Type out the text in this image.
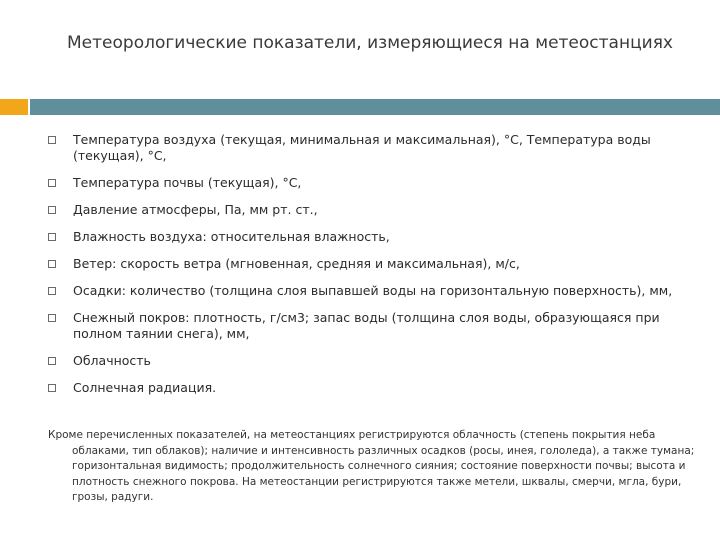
Метеорологические показатели, измеряющиеся на метеостанциях
Температура воздуха (текущая, минимальная и максимальная), °С, Температура воды (текущая), °С,
Температура почвы (текущая), °С,
Давление атмосферы, Па, мм рт. ст.,
Влажность воздуха: относительная влажность,
Ветер: скорость ветра (мгновенная, средняя и максимальная), м/с,
Осадки: количество (толщина слоя выпавшей воды на горизонтальную поверхность), мм,
Снежный покров: плотность, г/см3; запас воды (толщина слоя воды, образующаяся при полном таянии снега), мм,
Облачность
Солнечная радиация.

Кроме перечисленных показателей, на метеостанциях регистрируются облачность (степень покрытия неба облаками, тип облаков); наличие и интенсивность различных осадков (росы, инея, гололеда), а также тумана; горизонтальная видимость; продолжительность солнечного сияния; состояние поверхности почвы; высота и плотность снежного покрова. На метеостанции регистрируются также метели, шквалы, смерчи, мгла, бури, грозы, радуги.
